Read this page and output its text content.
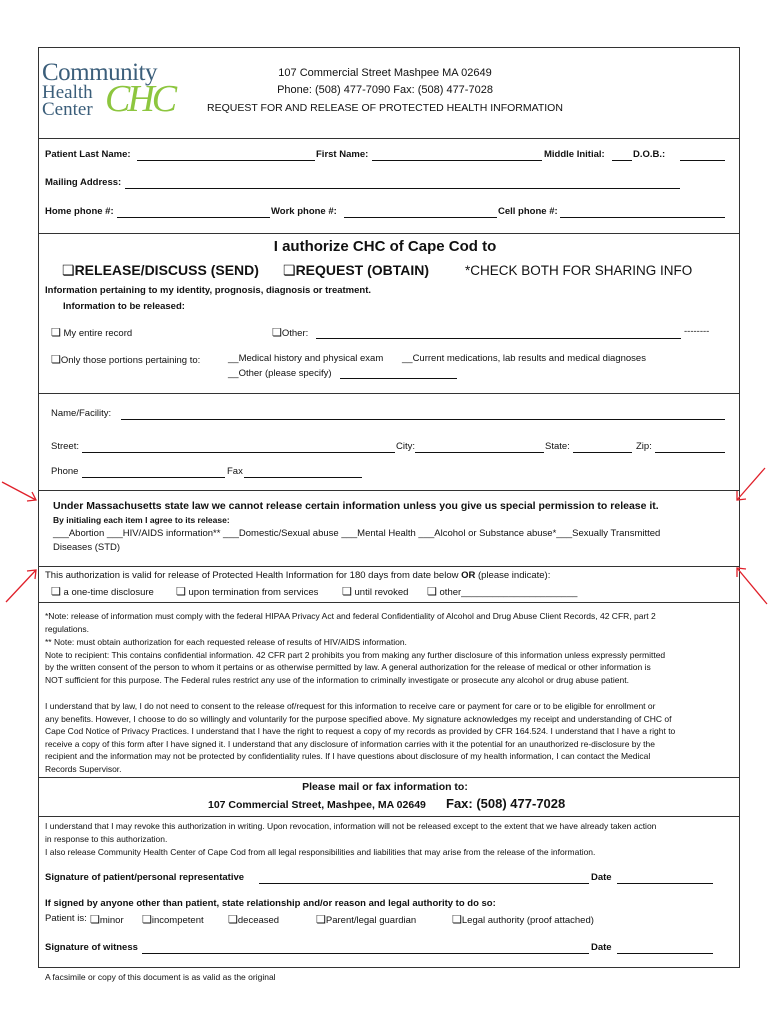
Community
Health
Center CHC
107 Commercial Street Mashpee MA 02649
Phone: (508) 477-7090 Fax: (508) 477-7028
REQUEST FOR AND RELEASE OF PROTECTED HEALTH INFORMATION
Patient Last Name:	First Name:	Middle Initial:	D.O.B.:
Mailing Address:
Home phone #:	Work phone #:	Cell phone #:
I authorize CHC of Cape Cod to
❏RELEASE/DISCUSS (SEND) ❏REQUEST (OBTAIN)	*CHECK BOTH FOR SHARING INFO
Information pertaining to my identity, prognosis, diagnosis or treatment.
Information to be released:
❏ My entire record	❏Other:	--------
❏Only those portions pertaining to:	__Medical history and physical exam __Current medications, lab results and medical diagnoses
__Other (please specify)
Name/Facility:
Street:	City:	State:	Zip:
Phone	Fax
Under Massachusetts state law we cannot release certain information unless you give us special permission to release it.
By initialing each item I agree to its release:
___Abortion ___HIV/AIDS information** ___Domestic/Sexual abuse ___Mental Health ___Alcohol or Substance abuse*___Sexually Transmitted
Diseases (STD)
This authorization is valid for release of Protected Health Information for 180 days from date below OR (please indicate):
❏ a one-time disclosure ❏ upon termination from services ❏ until revoked ❏ other______________________
*Note: release of information must comply with the federal HIPAA Privacy Act and federal Confidentiality of Alcohol and Drug Abuse Client Records, 42 CFR, part 2
regulations.
** Note: must obtain authorization for each requested release of results of HIV/AIDS information.
Note to recipient: This contains confidential information. 42 CFR part 2 prohibits you from making any further disclosure of this information unless expressly permitted
by the written consent of the person to whom it pertains or as otherwise permitted by law. A general authorization for the release of medical or other information is
NOT sufficient for this purpose. The Federal rules restrict any use of the information to criminally investigate or prosecute any alcohol or drug abuse patient.
I understand that by law, I do not need to consent to the release of/request for this information to receive care or payment for care or to be eligible for enrollment or
any benefits. However, I choose to do so willingly and voluntarily for the purpose specified above. My signature acknowledges my receipt and understanding of CHC of
Cape Cod Notice of Privacy Practices. I understand that I have the right to request a copy of my records as provided by CFR 164.524. I understand that I have a right to
receive a copy of this form after I have signed it. I understand that any disclosure of information carries with it the potential for an unauthorized re-disclosure by the
recipient and the information may not be protected by confidentiality rules. If I have questions about disclosure of my health information, I can contact the Medical
Records Supervisor.
Please mail or fax information to:
107 Commercial Street, Mashpee, MA 02649 Fax: (508) 477-7028
I understand that I may revoke this authorization in writing. Upon revocation, information will not be released except to the extent that we have already taken action
in response to this authorization.
I also release Community Health Center of Cape Cod from all legal responsibilities and liabilities that may arise from the release of the information.
Signature of patient/personal representative	Date
If signed by anyone other than patient, state relationship and/or reason and legal authority to do so:
Patient is: ❏minor ❏incompetent ❏deceased	❏Parent/legal guardian	❏Legal authority (proof attached)
Signature of witness	Date
A facsimile or copy of this document is as valid as the original
